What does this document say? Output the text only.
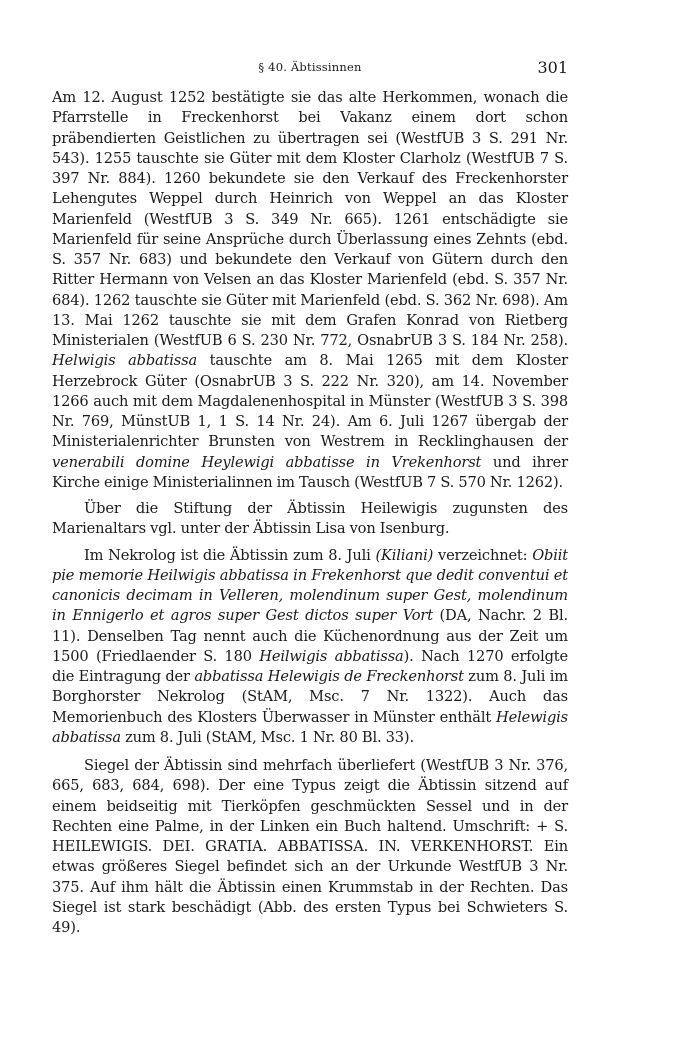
§ 40. Äbtissinnen	301

Am 12. August 1252 bestätigte sie das alte Herkommen, wonach die Pfarrstelle in Freckenhorst bei Vakanz einem dort schon präbendierten Geistlichen zu übertragen sei (WestfUB 3 S. 291 Nr. 543). 1255 tauschte sie Güter mit dem Kloster Clarholz (WestfUB 7 S. 397 Nr. 884). 1260 bekundete sie den Verkauf des Freckenhorster Lehengutes Weppel durch Heinrich von Weppel an das Kloster Marienfeld (WestfUB 3 S. 349 Nr. 665). 1261 entschädigte sie Marienfeld für seine Ansprüche durch Überlassung eines Zehnts (ebd. S. 357 Nr. 683) und bekundete den Verkauf von Gütern durch den Ritter Hermann von Velsen an das Kloster Marienfeld (ebd. S. 357 Nr. 684). 1262 tauschte sie Güter mit Marienfeld (ebd. S. 362 Nr. 698). Am 13. Mai 1262 tauschte sie mit dem Grafen Konrad von Rietberg Ministerialen (WestfUB 6 S. 230 Nr. 772, OsnabrUB 3 S. 184 Nr. 258). Helwigis abbatissa tauschte am 8. Mai 1265 mit dem Kloster Herzebrock Güter (OsnabrUB 3 S. 222 Nr. 320), am 14. November 1266 auch mit dem Magdalenenhospital in Münster (WestfUB 3 S. 398 Nr. 769, MünstUB 1, 1 S. 14 Nr. 24). Am 6. Juli 1267 übergab der Ministerialenrichter Brunsten von Westrem in Recklinghausen der venerabili domine Heylewigi abbatisse in Vrekenhorst und ihrer Kirche einige Ministerialinnen im Tausch (WestfUB 7 S. 570 Nr. 1262).

Über die Stiftung der Äbtissin Heilewigis zugunsten des Marienaltars vgl. unter der Äbtissin Lisa von Isenburg.

Im Nekrolog ist die Äbtissin zum 8. Juli (Kiliani) verzeichnet: Obiit pie memorie Heilwigis abbatissa in Frekenhorst que dedit conventui et canonicis decimam in Velleren, molendinum super Gest, molendinum in Ennigerlo et agros super Gest dictos super Vort (DA, Nachr. 2 Bl. 11). Denselben Tag nennt auch die Küchenordnung aus der Zeit um 1500 (Friedlaender S. 180 Heilwigis abbatissa). Nach 1270 erfolgte die Eintragung der abbatissa Helewigis de Freckenhorst zum 8. Juli im Borghorster Nekrolog (StAM, Msc. 7 Nr. 1322). Auch das Memorienbuch des Klosters Überwasser in Münster enthält Helewigis abbatissa zum 8. Juli (StAM, Msc. 1 Nr. 80 Bl. 33).

Siegel der Äbtissin sind mehrfach überliefert (WestfUB 3 Nr. 376, 665, 683, 684, 698). Der eine Typus zeigt die Äbtissin sitzend auf einem beidseitig mit Tierköpfen geschmückten Sessel und in der Rechten eine Palme, in der Linken ein Buch haltend. Umschrift: + S. HEILEWIGIS. DEI. GRATIA. ABBATISSA. IN. VERKENHORST. Ein etwas größeres Siegel befindet sich an der Urkunde WestfUB 3 Nr. 375. Auf ihm hält die Äbtissin einen Krummstab in der Rechten. Das Siegel ist stark beschädigt (Abb. des ersten Typus bei Schwieters S. 49).
